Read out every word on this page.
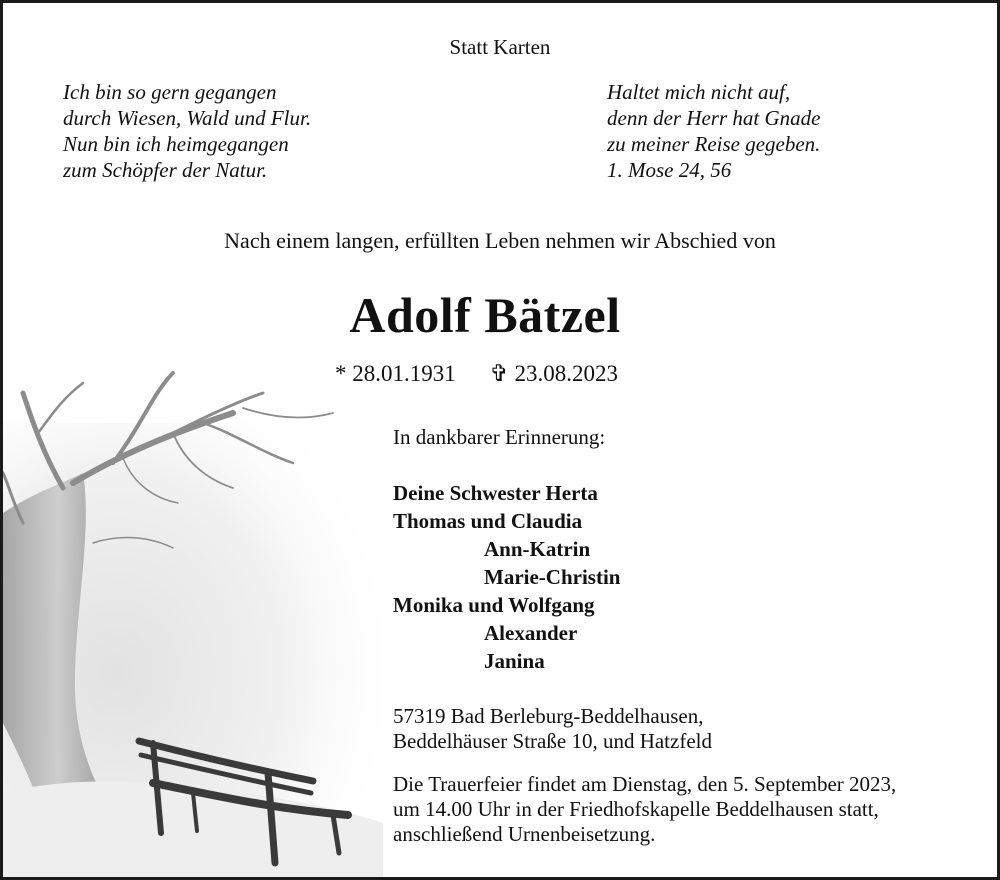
Statt Karten

Ich bin so gern gegangen
durch Wiesen, Wald und Flur.
Nun bin ich heimgegangen
zum Schöpfer der Natur.
Haltet mich nicht auf,
denn der Herr hat Gnade
zu meiner Reise gegeben.
1. Mose 24, 56

Nach einem langen, erfüllten Leben nehmen wir Abschied von

Adolf Bätzel

* 28.01.1931 ✞ 23.08.2023

In dankbarer Erinnerung:

Deine Schwester Herta
Thomas und Claudia
Ann-Katrin
Marie-Christin
Monika und Wolfgang
Alexander
Janina
57319 Bad Berleburg-Beddelhausen,
Beddelhäuser Straße 10, und Hatzfeld
Die Trauerfeier findet am Dienstag, den 5. September 2023,
um 14.00 Uhr in der Friedhofskapelle Beddelhausen statt,
anschließend Urnenbeisetzung.
